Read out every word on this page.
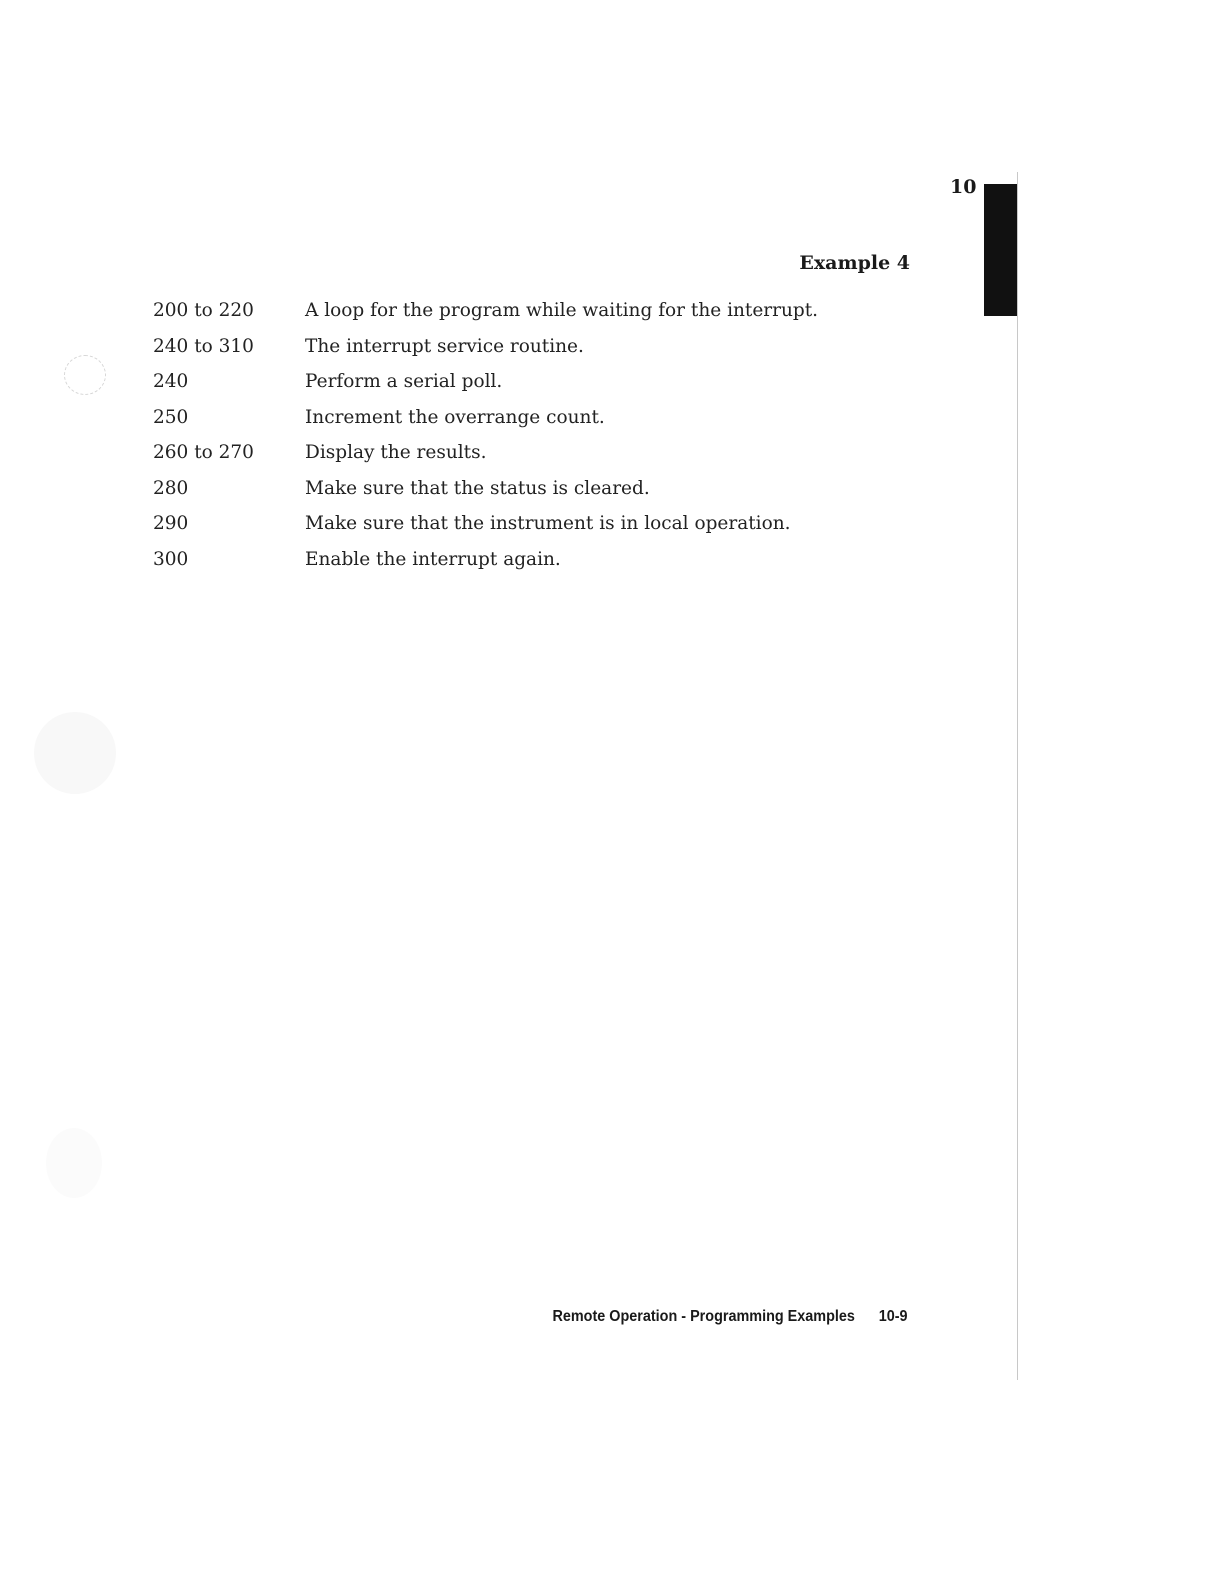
10
Example 4
200 to 220	A loop for the program while waiting for the interrupt.
240 to 310	The interrupt service routine.
240	Perform a serial poll.
250	Increment the overrange count.
260 to 270	Display the results.
280	Make sure that the status is cleared.
290	Make sure that the instrument is in local operation.
300	Enable the interrupt again.
Remote Operation - Programming Examples 10-9
